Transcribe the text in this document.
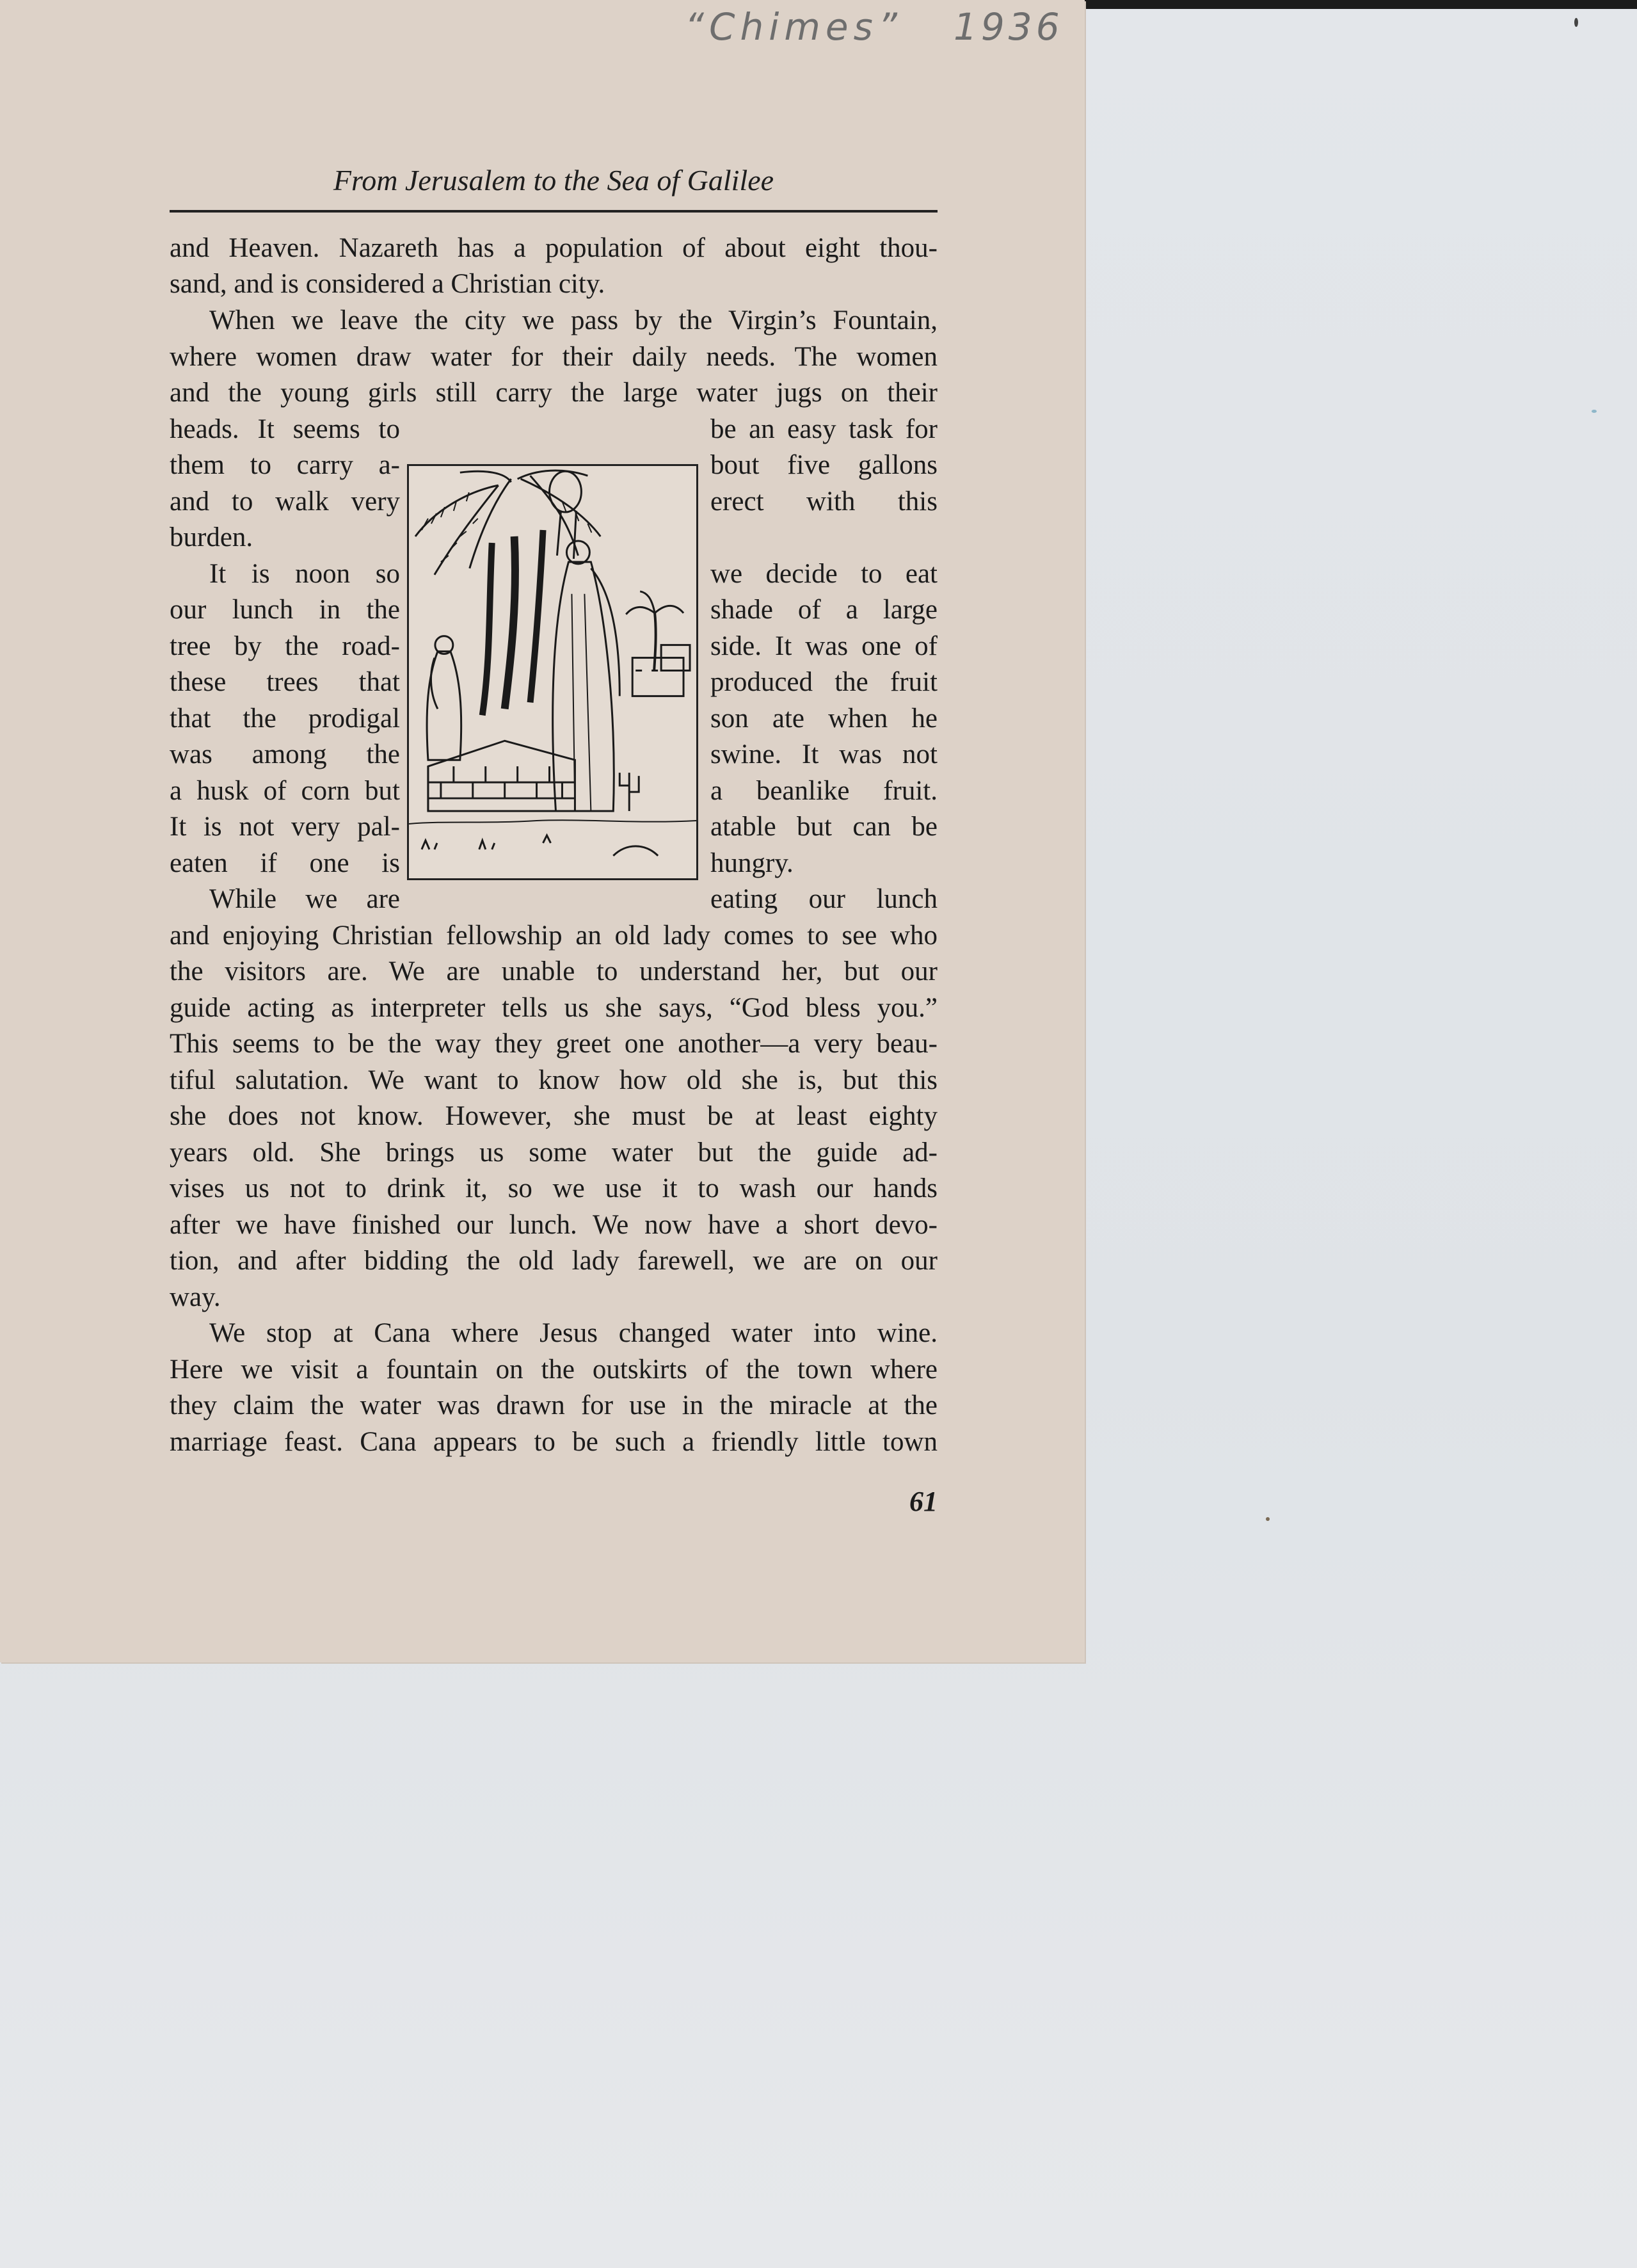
“Chimes” 1936
From Jerusalem to the Sea of Galilee
and Heaven. Nazareth has a population of about eight thou-
sand, and is considered a Christian city.
When we leave the city we pass by the Virgin’s Fountain,
where women draw water for their daily needs. The women
and the young girls still carry the large water jugs on their
heads. It seems to	be an easy task for
them to carry a-	bout five gallons
and to walk very	erect with this
burden.
It is noon so	we decide to eat
our lunch in the	shade of a large
tree by the road-	side. It was one of
these trees that	produced the fruit
that the prodigal	son ate when he
was among the	swine. It was not
a husk of corn but	a beanlike fruit.
It is not very pal-	atable but can be
eaten if one is	hungry.
While we are	eating our lunch
and enjoying Christian fellowship an old lady comes to see who
the visitors are. We are unable to understand her, but our
guide acting as interpreter tells us she says, “God bless you.”
This seems to be the way they greet one another—a very beau-
tiful salutation. We want to know how old she is, but this
she does not know. However, she must be at least eighty
years old. She brings us some water but the guide ad-
vises us not to drink it, so we use it to wash our hands
after we have finished our lunch. We now have a short devo-
tion, and after bidding the old lady farewell, we are on our
way.
We stop at Cana where Jesus changed water into wine.
Here we visit a fountain on the outskirts of the town where
they claim the water was drawn for use in the miracle at the
marriage feast. Cana appears to be such a friendly little town
61
